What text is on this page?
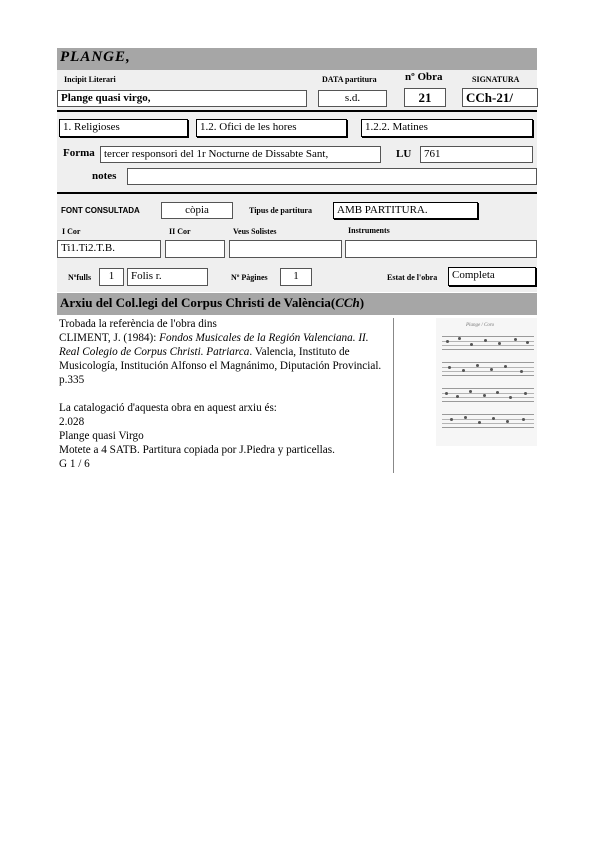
PLANGE,
Incipit Literari	DATA partitura	nº Obra	SIGNATURA
Plange quasi virgo,	s.d.	21	CCh-21/
1. Religioses	1.2. Ofici de les hores	1.2.2. Matines
Forma tercer responsori del 1r Nocturne de Dissabte Sant,	LU	761
notes
FONT CONSULTADA	còpia	Tipus de partitura	AMB PARTITURA.
I Cor	II Cor	Veus Solistes	Instruments
Ti1.Ti2.T.B.
Nºfulls	1	Folis r.	Nº Pàgines	1	Estat de l'obra	Completa
Arxiu del Col.legi del Corpus Christi de València(CCh)

Trobada la referència de l'obra dins

CLIMENT, J. (1984): Fondos Musicales de la Región Valenciana. II. Real Colegio de Corpus Christi. Patriarca. Valencia, Instituto de Musicología, Institución Alfonso el Magnánimo, Diputación Provincial. p.335

La catalogació d'aquesta obra en aquest arxiu és:

2.028

Plange quasi Virgo

Motete a 4 SATB. Partitura copiada por J.Piedra y particellas.

G 1 / 6

Plange / Coro
